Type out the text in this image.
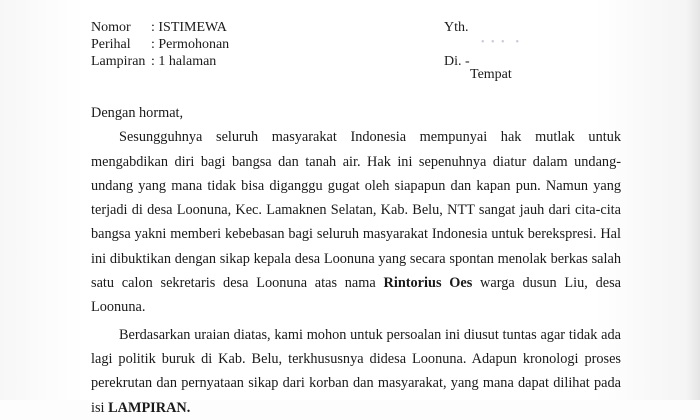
Nomor : ISTIMEWA
Perihal : Permohonan
Lampiran : 1 halaman
Yth.
• • •  •
Di. -
Tempat

Dengan hormat,

Sesungguhnya seluruh masyarakat Indonesia mempunyai hak mutlak untuk mengabdikan diri bagi bangsa dan tanah air. Hak ini sepenuhnya diatur dalam undang-undang yang mana tidak bisa diganggu gugat oleh siapapun dan kapan pun. Namun yang terjadi di desa Loonuna, Kec. Lamaknen Selatan, Kab. Belu, NTT sangat jauh dari cita-cita bangsa yakni memberi kebebasan bagi seluruh masyarakat Indonesia untuk berekspresi. Hal ini dibuktikan dengan sikap kepala desa Loonuna yang secara spontan menolak berkas salah satu calon sekretaris desa Loonuna atas nama Rintorius Oes warga dusun Liu, desa Loonuna.

Berdasarkan uraian diatas, kami mohon untuk persoalan ini diusut tuntas agar tidak ada lagi politik buruk di Kab. Belu, terkhususnya didesa Loonuna. Adapun kronologi proses perekrutan dan pernyataan sikap dari korban dan masyarakat, yang mana dapat dilihat pada isi LAMPIRAN.
